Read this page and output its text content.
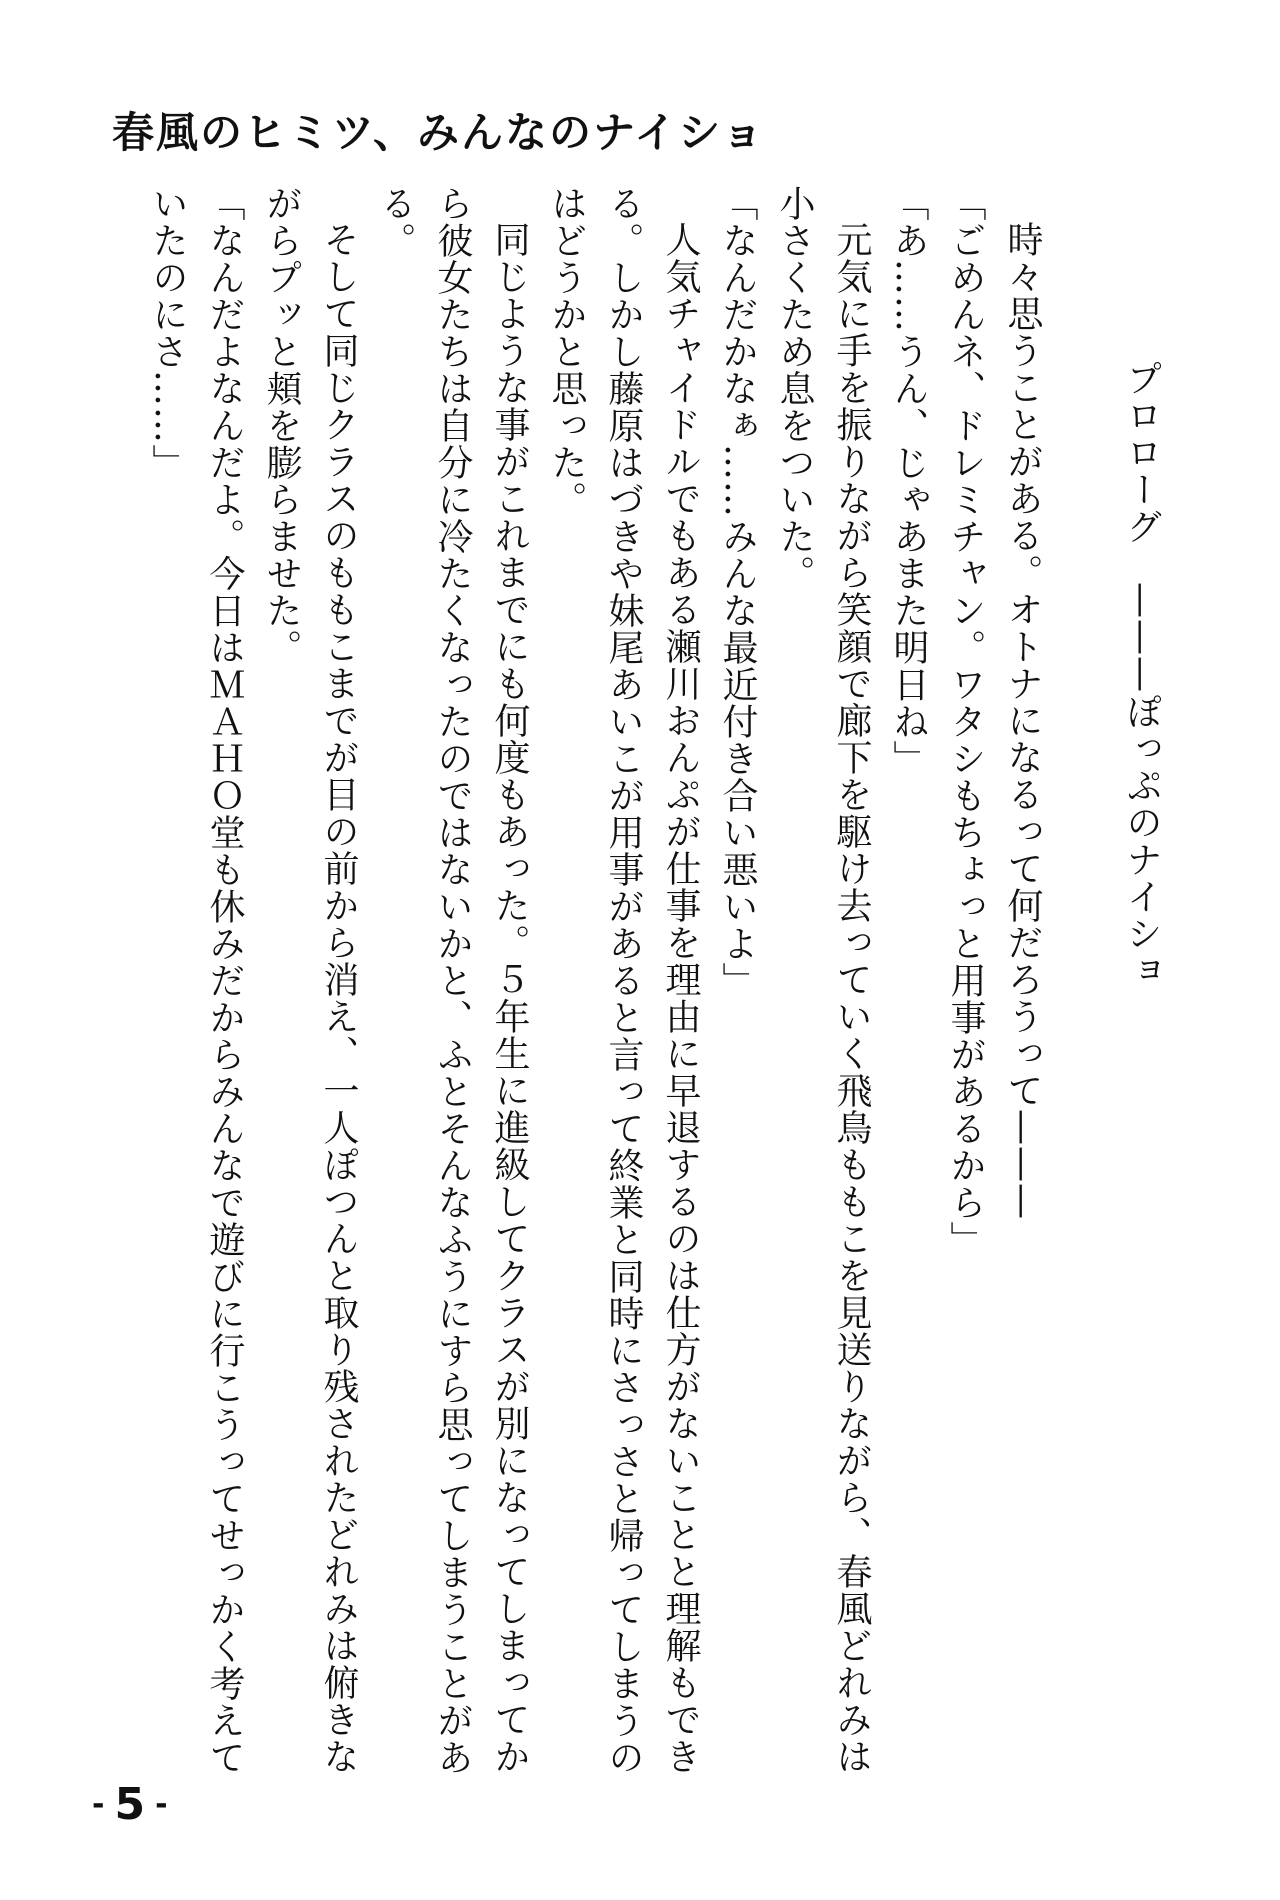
春風のヒミツ、みんなのナイショ

プロローグ　———ぽっぷのナイショ

時々思うことがある。オトナになるって何だろうって———

「ごめんネ、ドレミチャン。ワタシもちょっと用事があるから」

「あ……うん、じゃあまた明日ね」

元気に手を振りながら笑顔で廊下を駆け去っていく飛鳥ももこを見送りながら、春風どれみは小さくため息をついた。

「なんだかなぁ……みんな最近付き合い悪いよ」

人気チャイドルでもある瀬川おんぷが仕事を理由に早退するのは仕方がないことと理解もできる。しかし藤原はづきや妹尾あいこが用事があると言って終業と同時にさっさと帰ってしまうのはどうかと思った。

同じような事がこれまでにも何度もあった。５年生に進級してクラスが別になってしまってから彼女たちは自分に冷たくなったのではないかと、ふとそんなふうにすら思ってしまうことがある。

そして同じクラスのももこまでが目の前から消え、一人ぽつんと取り残されたどれみは俯きながらプッと頬を膨らませた。

「なんだよなんだよ。今日はＭＡＨＯ堂も休みだからみんなで遊びに行こうってせっかく考えていたのにさ……」

- 5 -
